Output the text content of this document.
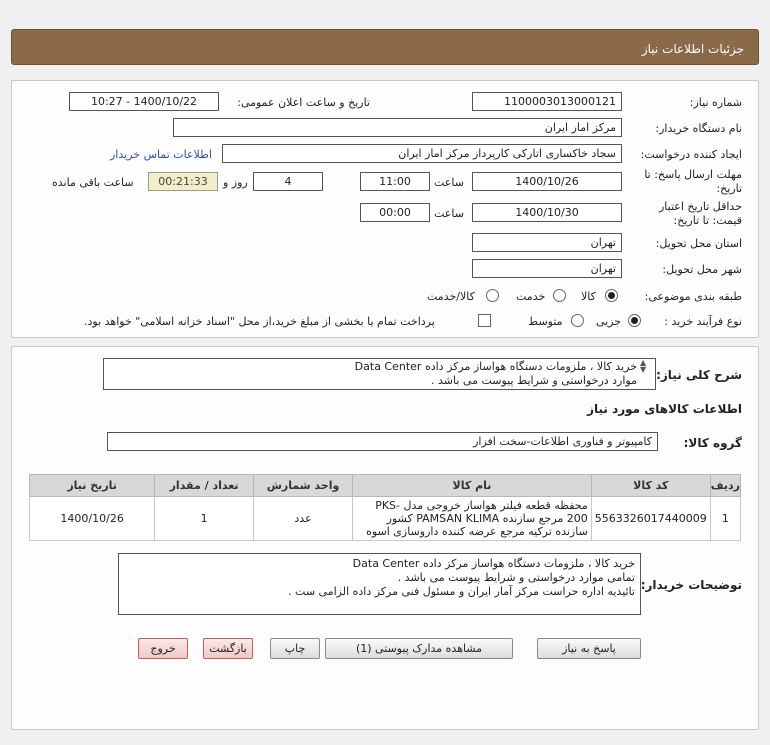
جزئیات اطلاعات نیاز
شماره نیاز:
1100003013000121
تاریخ و ساعت اعلان عمومی:
1400/10/22 - 10:27
نام دستگاه خریدار:
مرکز امار ایران
ایجاد کننده درخواست:
سجاد خاکساری اتارکی کارپرداز مرکز امار ایران
اطلاعات تماس خریدار
مهلت ارسال پاسخ: تا تاریخ:
1400/10/26
ساعت
11:00
4
روز و
00:21:33
ساعت باقی مانده
حداقل تاریخ اعتبار قیمت: تا تاریخ:
1400/10/30
ساعت
00:00
استان محل تحویل:
تهران
شهر محل تحویل:
تهران
طبقه بندی موضوعی:
کالا
خدمت
کالا/خدمت
نوع فرآیند خرید :
جزیی
متوسط
پرداخت تمام یا بخشی از مبلغ خرید،از محل "اسناد خزانه اسلامی" خواهد بود.
شرح کلی نیاز:
خرید کالا ، ملزومات دستگاه هواساز مرکز داده Data Center
موارد درخواستی و شرایط پیوست می باشد .
▲
▼
اطلاعات کالاهای مورد نیاز
گروه کالا:
کامپیوتر و فناوری اطلاعات-سخت افزار
ردیف	کد کالا	نام کالا	واحد شمارش	تعداد / مقدار	تاریخ نیاز
1	5563326017440009	محفظه قطعه فیلتر هواساز خروجی مدل PKS-200 مرجع سازنده PAMSAN KLIMA کشور سازنده ترکیه مرجع عرضه کننده داروسازی اسوه	عدد	1	1400/10/26
توضیحات خریدار:
خرید کالا ، ملزومات دستگاه هواساز مرکز داده Data Center
تمامی موارد درخواستی و شرایط پیوست می باشد .
تائیدیه اداره حراست مرکز آمار ایران و مسئول فنی مرکز داده الزامی ست .
پاسخ به نیاز
مشاهده مدارک پیوستی (1)
چاپ
بازگشت
خروج
